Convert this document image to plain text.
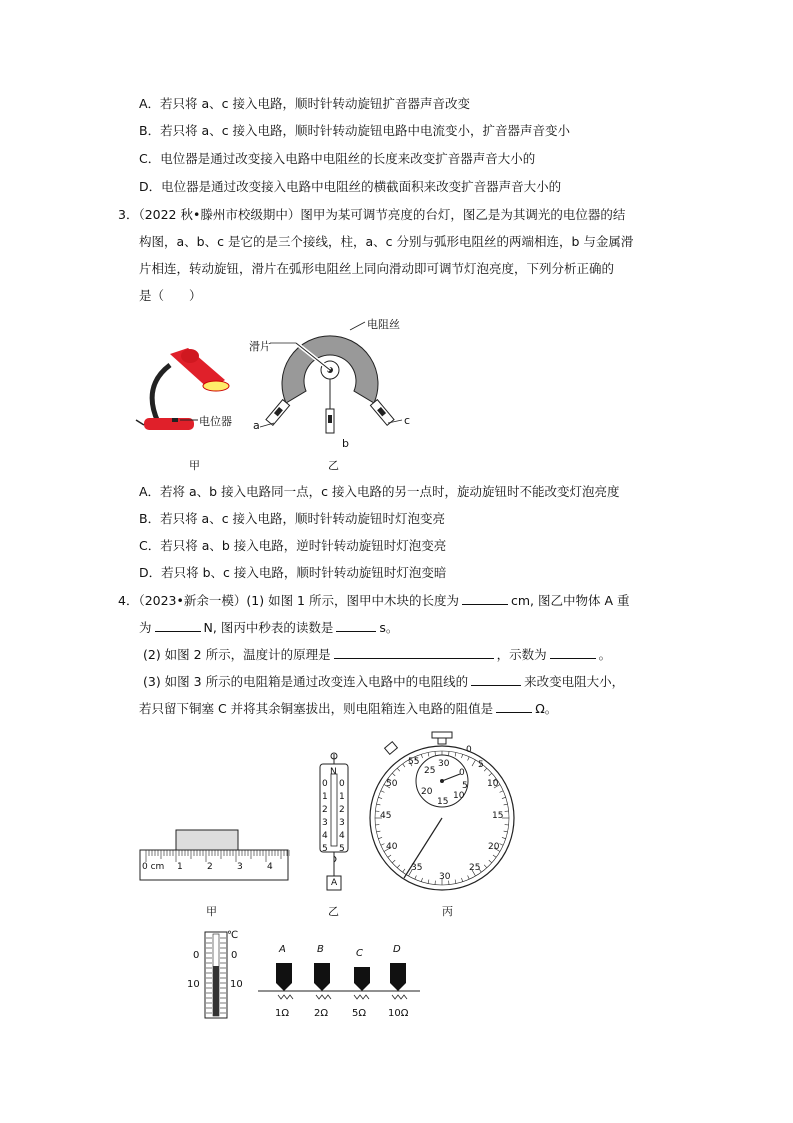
A．若只将 a、c 接入电路，顺时针转动旋钮扩音器声音改变
B．若只将 a、c 接入电路，顺时针转动旋钮电路中电流变小，扩音器声音变小
C．电位器是通过改变接入电路中电阻丝的长度来改变扩音器声音大小的
D．电位器是通过改变接入电路中电阻丝的横截面积来改变扩音器声音大小的
3．（2022 秋•滕州市校级期中）图甲为某可调节亮度的台灯，图乙是为其调光的电位器的结
构图，a、b、c 是它的是三个接线，柱，a、c 分别与弧形电阻丝的两端相连，b 与金属滑
片相连，转动旋钮，滑片在弧形电阻丝上同向滑动即可调节灯泡亮度，下列分析正确的
是（　　）
电位器
甲
滑片
电阻丝
a
b
c
乙
A．若将 a、b 接入电路同一点，c 接入电路的另一点时，旋动旋钮时不能改变灯泡亮度
B．若只将 a、c 接入电路，顺时针转动旋钮时灯泡变亮
C．若只将 a、b 接入电路，逆时针转动旋钮时灯泡变亮
D．若只将 b、c 接入电路，顺时针转动旋钮时灯泡变暗
4．（2023•新余一模）(1) 如图 1 所示，图甲中木块的长度为	cm, 图乙中物体 A 重
为	N, 图丙中秒表的读数是	s。
(2) 如图 2 所示，温度计的原理是	，示数为	。
(3) 如图 3 所示的电阻箱是通过改变连入电路中的电阻线的	来改变电阻大小，
若只留下铜塞 C 并将其余铜塞拔出，则电阻箱连入电路的阻值是	Ω。
0 cm 1	2	3	4
甲
N
0
1
2
3
4
5
0
1
2
3
4
5
A
乙
30
0
25
5
20 10
15
55
0
5
50	10
45	15
40	20
35	25
30
丙
℃
0
10
0
10
A	B	C	D
1Ω 2Ω 5Ω 10Ω
